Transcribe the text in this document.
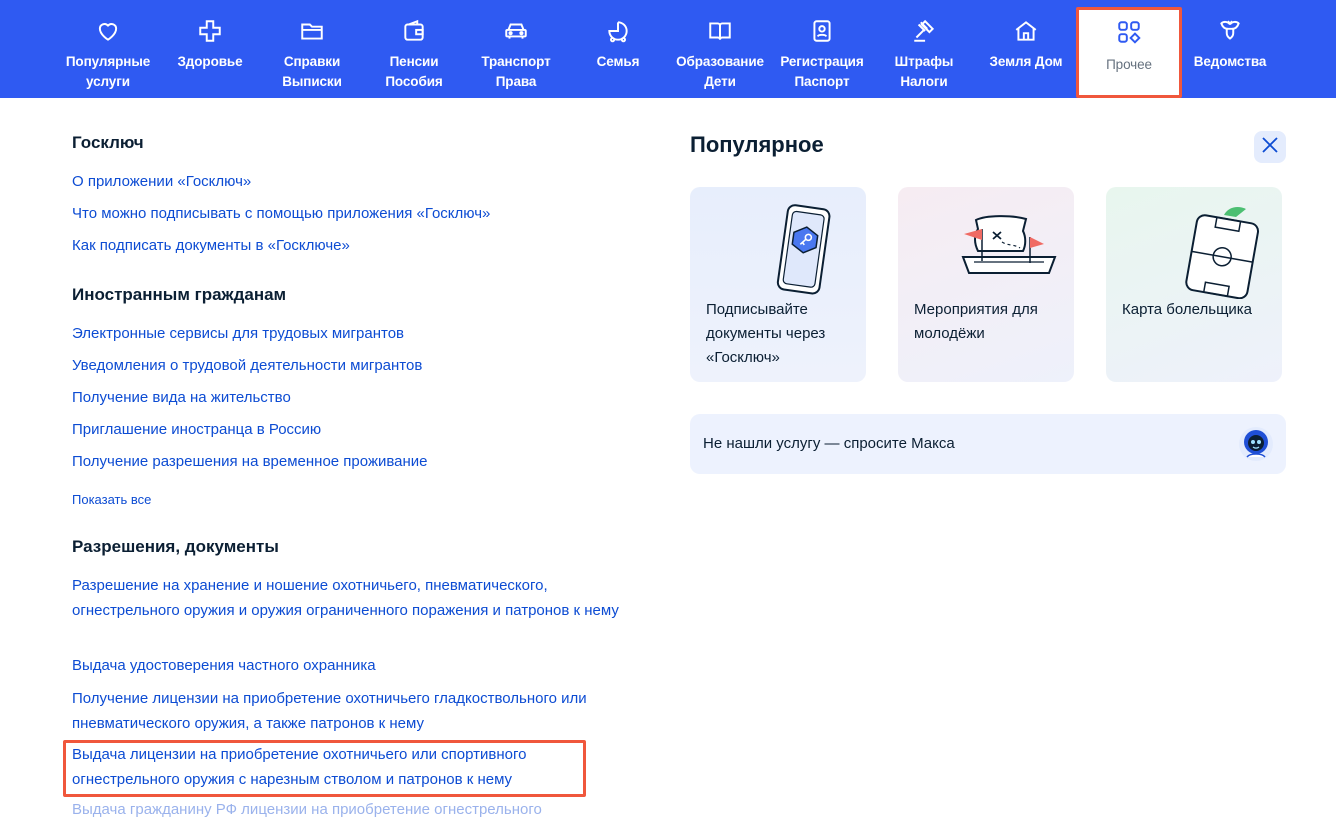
Популярные
услуги
Здоровье	Справки
Выписки
Пенсии
Пособия
Транспорт
Права
Семья	Образование
Дети
Регистрация
Паспорт
Штрафы
Налоги
Земля Дом	Прочее	Ведомства
Госключ
О приложении «Госключ»
Что можно подписывать с помощью приложения «Госключ»
Как подписать документы в «Госключе»
Иностранным гражданам
Электронные сервисы для трудовых мигрантов
Уведомления о трудовой деятельности мигрантов
Получение вида на жительство
Приглашение иностранца в Россию
Получение разрешения на временное проживание
Показать все
Разрешения, документы
Разрешение на хранение и ношение охотничьего, пневматического, огнестрельного оружия и оружия ограниченного поражения и патронов к нему
Выдача удостоверения частного охранника
Получение лицензии на приобретение охотничьего гладкоствольного или пневматического оружия, а также патронов к нему
Выдача лицензии на приобретение охотничьего или спортивного огнестрельного оружия с нарезным стволом и патронов к нему
Выдача гражданину РФ лицензии на приобретение огнестрельного
Популярное
Подписывайте документы через «Госключ»
Мероприятия для молодёжи
Карта болельщика
Не нашли услугу — спросите Макса
